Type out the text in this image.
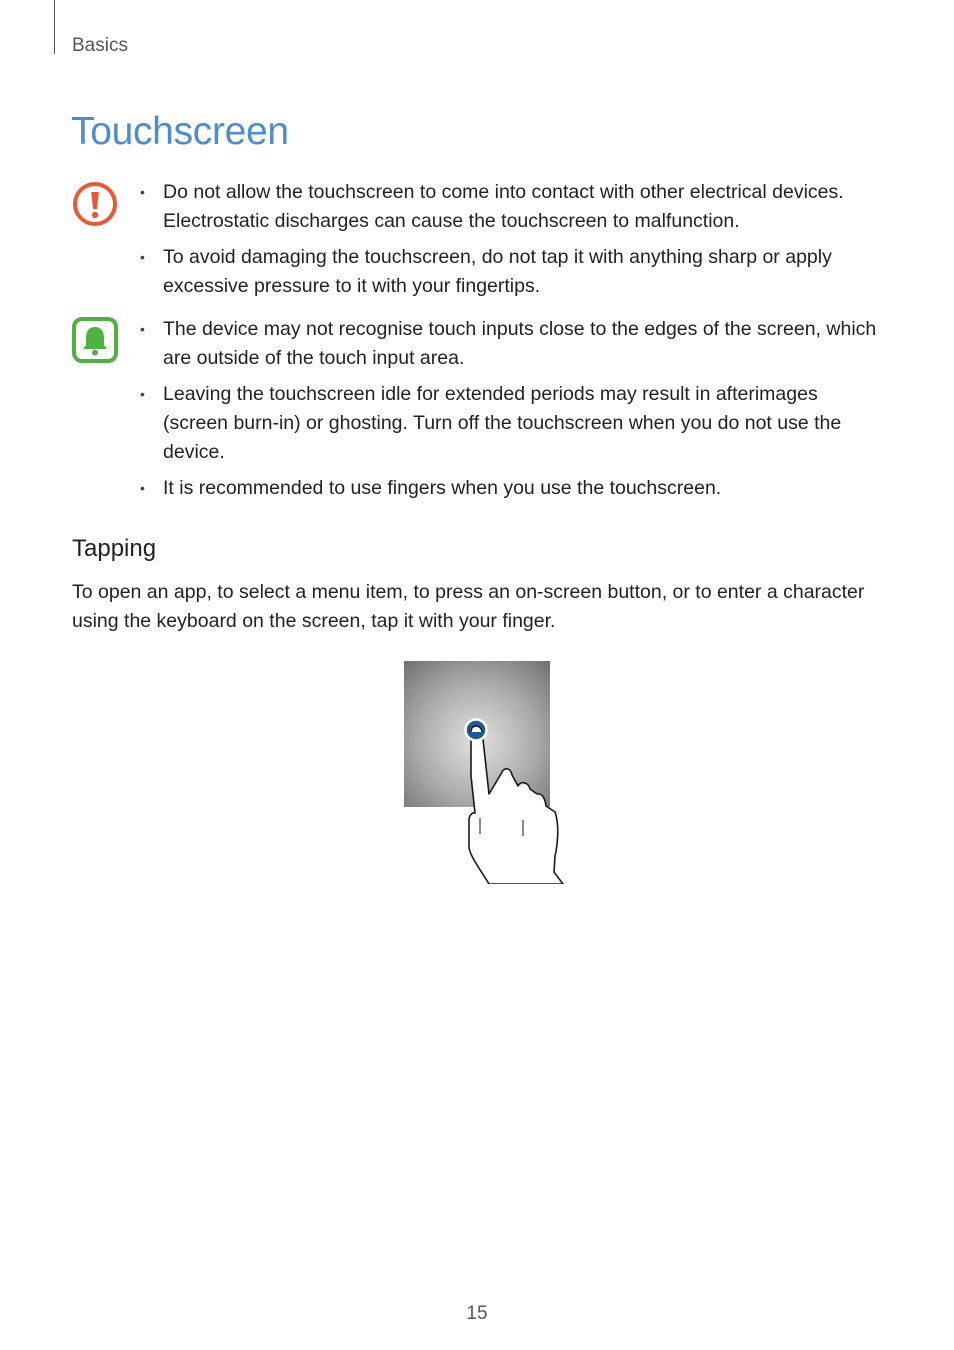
Basics
Touchscreen
• Do not allow the touchscreen to come into contact with other electrical devices. Electrostatic discharges can cause the touchscreen to malfunction.
• To avoid damaging the touchscreen, do not tap it with anything sharp or apply excessive pressure to it with your fingertips.
• The device may not recognise touch inputs close to the edges of the screen, which are outside of the touch input area.
• Leaving the touchscreen idle for extended periods may result in afterimages (screen burn-in) or ghosting. Turn off the touchscreen when you do not use the device.
• It is recommended to use fingers when you use the touchscreen.
Tapping

To open an app, to select a menu item, to press an on-screen button, or to enter a character using the keyboard on the screen, tap it with your finger.

15
